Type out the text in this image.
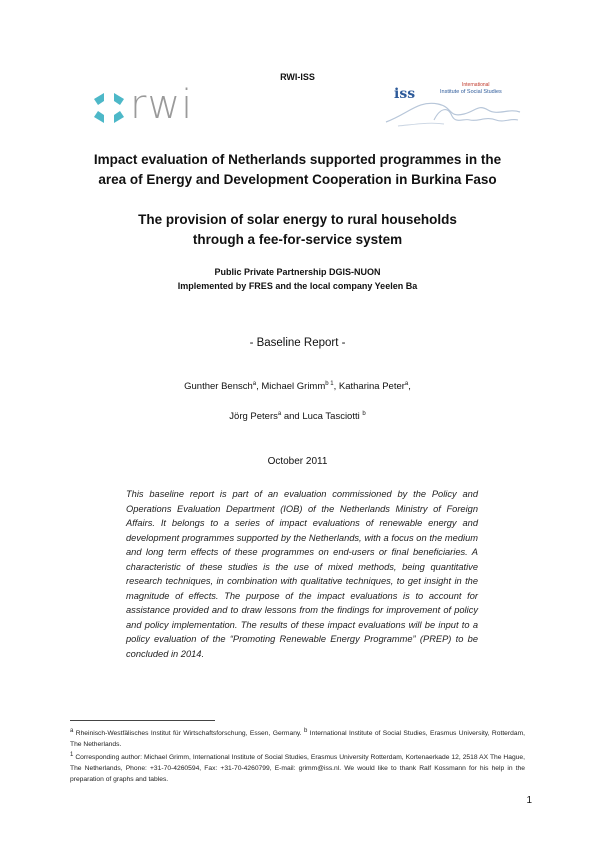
RWI-ISS
rwi	iss
International
Institute of Social Studies
Impact evaluation of Netherlands supported programmes in the
area of Energy and Development Cooperation in Burkina Faso
The provision of solar energy to rural households
through a fee-for-service system
Public Private Partnership DGIS-NUON
Implemented by FRES and the local company Yeelen Ba
- Baseline Report -
Gunther Bensch$^a$, Michael Grimm$^{b 1}$, Katharina Peter$^a$,
Jörg Peters$^a$ and Luca Tasciotti $^b$
October 2011
This baseline report is part of an evaluation commissioned by the Policy and Operations Evaluation Department (IOB) of the Netherlands Ministry of Foreign Affairs. It belongs to a series of impact evaluations of renewable energy and development programmes supported by the Netherlands, with a focus on the medium and long term effects of these programmes on end-users or final beneficiaries. A characteristic of these studies is the use of mixed methods, being quantitative research techniques, in combination with qualitative techniques, to get insight in the magnitude of effects. The purpose of the impact evaluations is to account for assistance provided and to draw lessons from the findings for improvement of policy and policy implementation. The results of these impact evaluations will be input to a policy evaluation of the “Promoting Renewable Energy Programme” (PREP) to be concluded in 2014.

$^a$ Rheinisch-Westfälisches Institut für Wirtschaftsforschung, Essen, Germany. $^b$ International Institute of Social Studies, Erasmus University, Rotterdam, The Netherlands.

$^1$ Corresponding author: Michael Grimm, International Institute of Social Studies, Erasmus University Rotterdam, Kortenaerkade 12, 2518 AX The Hague, The Netherlands, Phone: +31-70-4260594, Fax: +31-70-4260799, E-mail: grimm@iss.nl. We would like to thank Ralf Kossmann for his help in the preparation of graphs and tables.

1
